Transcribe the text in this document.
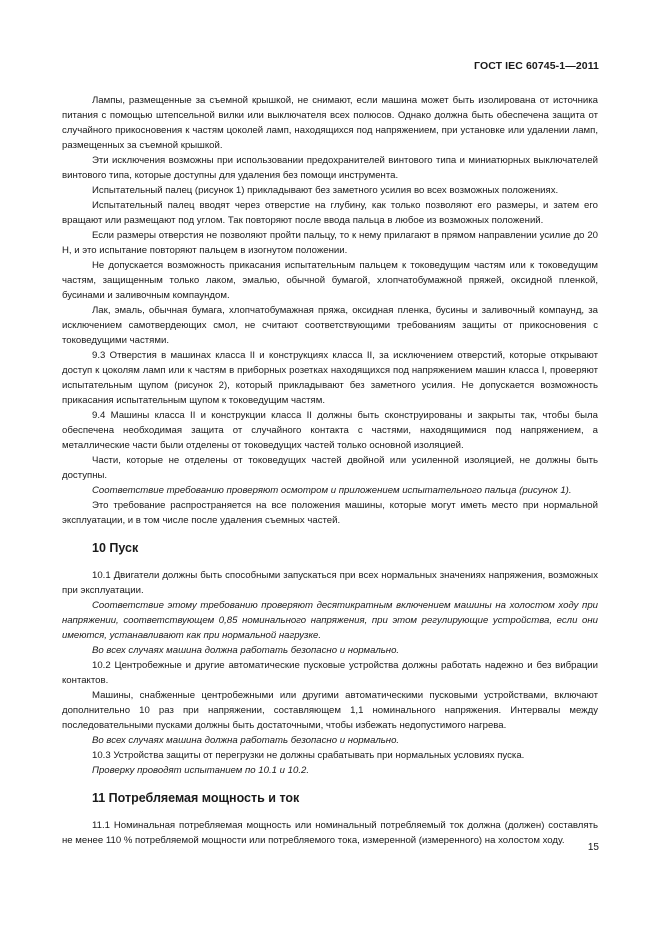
ГОСТ IEC 60745-1—2011

Лампы, размещенные за съемной крышкой, не снимают, если машина может быть изолирована от источника питания с помощью штепсельной вилки или выключателя всех полюсов. Однако должна быть обеспечена защита от случайного прикосновения к частям цоколей ламп, находящихся под напряжением, при установке или удалении ламп, размещенных за съемной крышкой.

Эти исключения возможны при использовании предохранителей винтового типа и миниатюрных выключателей винтового типа, которые доступны для удаления без помощи инструмента.

Испытательный палец (рисунок 1) прикладывают без заметного усилия во всех возможных положениях.

Испытательный палец вводят через отверстие на глубину, как только позволяют его размеры, и затем его вращают или размещают под углом. Так повторяют после ввода пальца в любое из возможных положений.

Если размеры отверстия не позволяют пройти пальцу, то к нему прилагают в прямом направлении усилие до 20 Н, и это испытание повторяют пальцем в изогнутом положении.

Не допускается возможность прикасания испытательным пальцем к токоведущим частям или к токоведущим частям, защищенным только лаком, эмалью, обычной бумагой, хлопчатобумажной пряжей, оксидной пленкой, бусинами и заливочным компаундом.

Лак, эмаль, обычная бумага, хлопчатобумажная пряжа, оксидная пленка, бусины и заливочный компаунд, за исключением самотвердеющих смол, не считают соответствующими требованиям защиты от прикосновения с токоведущими частями.

9.3 Отверстия в машинах класса II и конструкциях класса II, за исключением отверстий, которые открывают доступ к цоколям ламп или к частям в приборных розетках находящихся под напряжением машин класса I, проверяют испытательным щупом (рисунок 2), который прикладывают без заметного усилия. Не допускается возможность прикасания испытательным щупом к токоведущим частям.

9.4 Машины класса II и конструкции класса II должны быть сконструированы и закрыты так, чтобы была обеспечена необходимая защита от случайного контакта с частями, находящимися под напряжением, а металлические части были отделены от токоведущих частей только основной изоляцией.

Части, которые не отделены от токоведущих частей двойной или усиленной изоляцией, не должны быть доступны.

Соответствие требованию проверяют осмотром и приложением испытательного пальца (рисунок 1).

Это требование распространяется на все положения машины, которые могут иметь место при нормальной эксплуатации, и в том числе после удаления съемных частей.

10 Пуск

10.1 Двигатели должны быть способными запускаться при всех нормальных значениях напряжения, возможных при эксплуатации.

Соответствие этому требованию проверяют десятикратным включением машины на холостом ходу при напряжении, соответствующем 0,85 номинального напряжения, при этом регулирующие устройства, если они имеются, устанавливают как при нормальной нагрузке.

Во всех случаях машина должна работать безопасно и нормально.

10.2 Центробежные и другие автоматические пусковые устройства должны работать надежно и без вибрации контактов.

Машины, снабженные центробежными или другими автоматическими пусковыми устройствами, включают дополнительно 10 раз при напряжении, составляющем 1,1 номинального напряжения. Интервалы между последовательными пусками должны быть достаточными, чтобы избежать недопустимого нагрева.

Во всех случаях машина должна работать безопасно и нормально.

10.3 Устройства защиты от перегрузки не должны срабатывать при нормальных условиях пуска.

Проверку проводят испытанием по 10.1 и 10.2.

11 Потребляемая мощность и ток

11.1 Номинальная потребляемая мощность или номинальный потребляемый ток должна (должен) составлять не менее 110 % потребляемой мощности или потребляемого тока, измеренной (измеренного) на холостом ходу.

15
